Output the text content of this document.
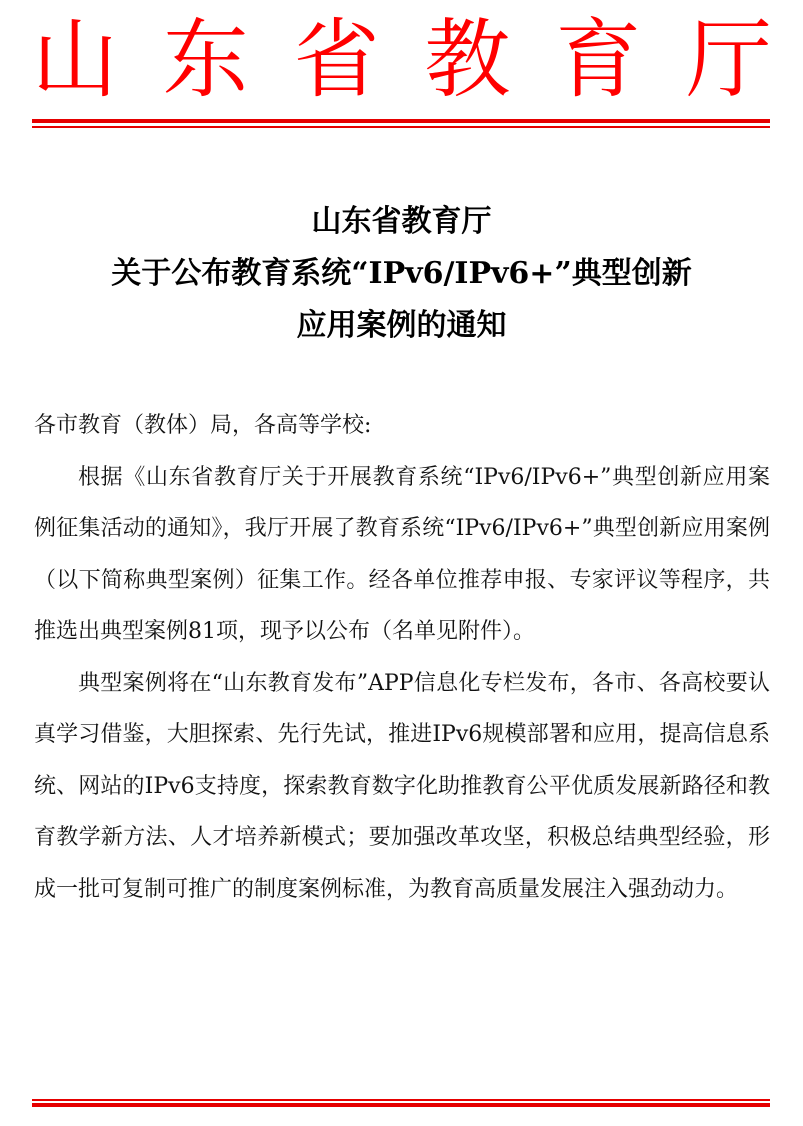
山 东 省 教 育 厅
山东省教育厅
关于公布教育系统“IPv6/IPv6+”典型创新
应用案例的通知
各市教育（教体）局，各高等学校:
根据《山东省教育厅关于开展教育系统“IPv6/IPv6+”典型创新应用案例征集活动的通知》，我厅开展了教育系统“IPv6/IPv6+”典型创新应用案例（以下简称典型案例）征集工作。经各单位推荐申报、专家评议等程序，共推选出典型案例81项，现予以公布（名单见附件）。
典型案例将在“山东教育发布”APP信息化专栏发布，各市、各高校要认真学习借鉴，大胆探索、先行先试，推进IPv6规模部署和应用，提高信息系统、网站的IPv6支持度，探索教育数字化助推教育公平优质发展新路径和教育教学新方法、人才培养新模式；要加强改革攻坚，积极总结典型经验，形成一批可复制可推广的制度案例标准，为教育高质量发展注入强劲动力。
